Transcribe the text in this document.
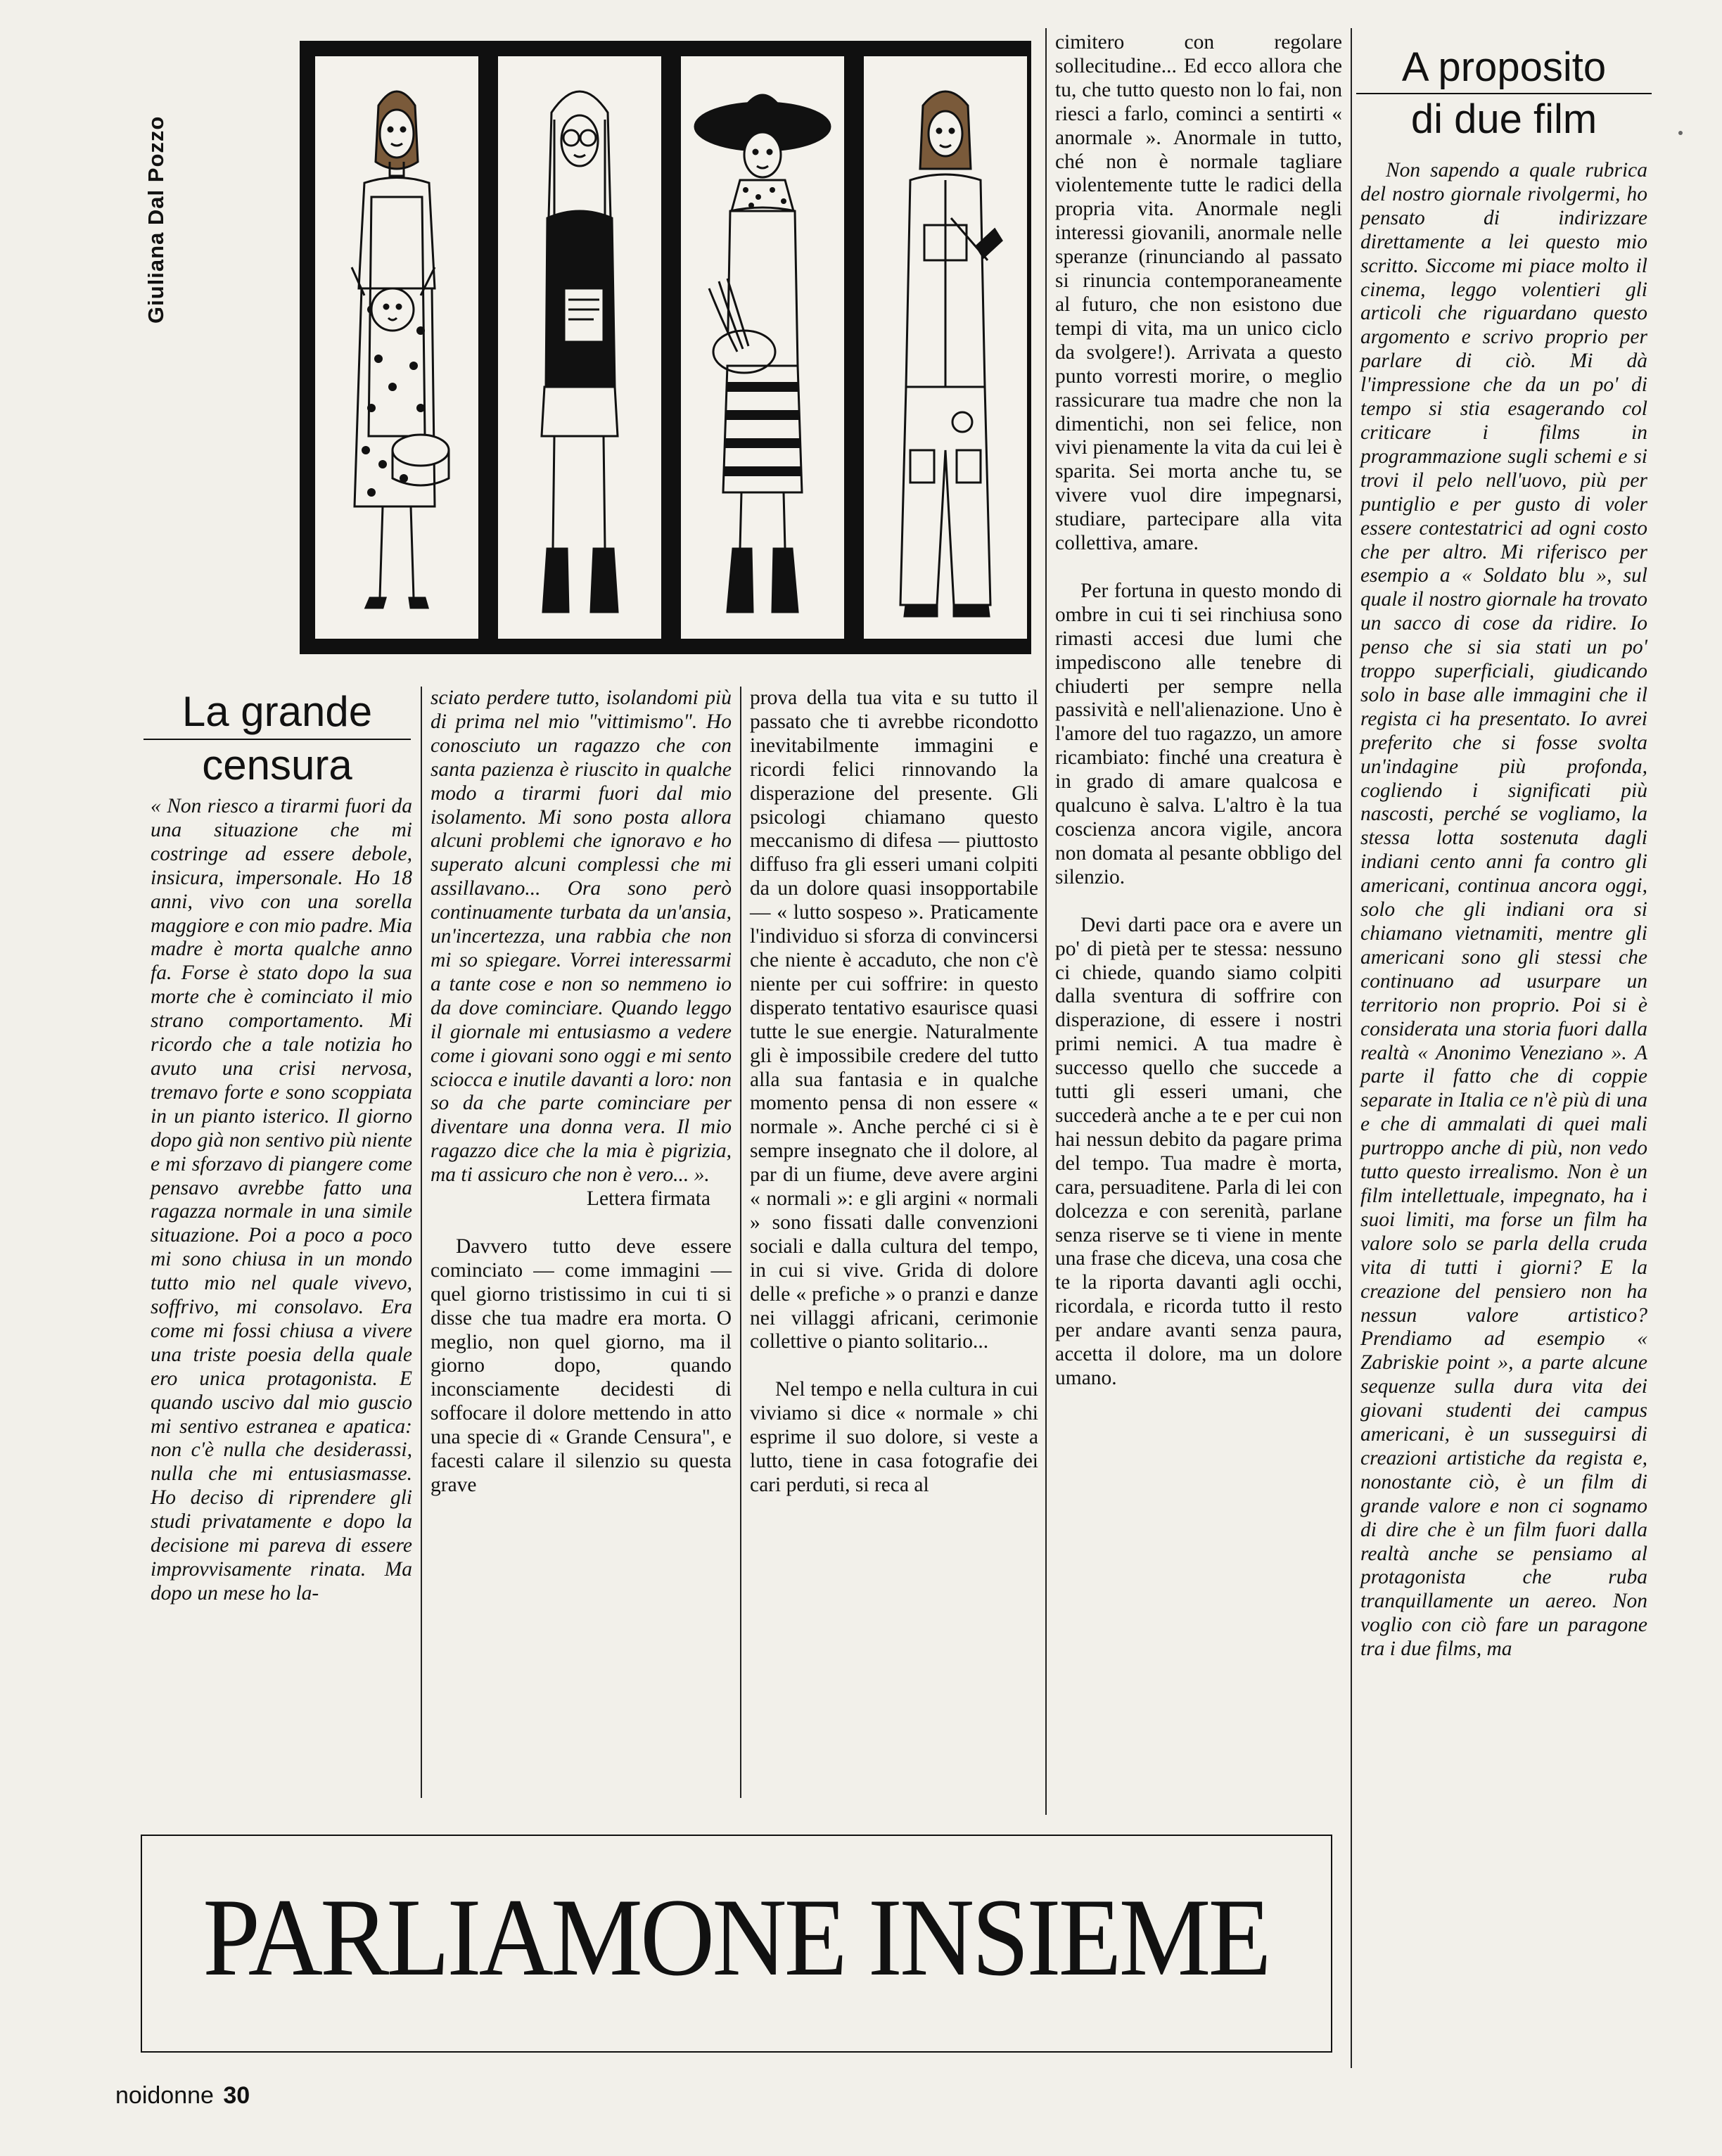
Giuliana Dal Pozzo
La grande
censura
A proposito
di due film

« Non riesco a tirarmi fuori da una situazione che mi costringe ad essere debole, insicura, impersonale. Ho 18 anni, vivo con una sorella maggiore e con mio padre. Mia madre è morta qualche anno fa. Forse è stato dopo la sua morte che è cominciato il mio strano comportamento. Mi ricordo che a tale notizia ho avuto una crisi nervosa, tremavo forte e sono scoppiata in un pianto isterico. Il giorno dopo già non sentivo più niente e mi sforzavo di piangere come pensavo avrebbe fatto una ragazza normale in una simile situazione. Poi a poco a poco mi sono chiusa in un mondo tutto mio nel quale vivevo, soffrivo, mi consolavo. Era come mi fossi chiusa a vivere una triste poesia della quale ero unica protagonista. E quando uscivo dal mio guscio mi sentivo estranea e apatica: non c'è nulla che desiderassi, nulla che mi entusiasmasse. Ho deciso di riprendere gli studi privatamente e dopo la decisione mi pareva di essere improvvisamente rinata. Ma dopo un mese ho la-

sciato perdere tutto, isolandomi più di prima nel mio "vittimismo". Ho conosciuto un ragazzo che con santa pazienza è riuscito in qualche modo a tirarmi fuori dal mio isolamento. Mi sono posta allora alcuni problemi che ignoravo e ho superato alcuni complessi che mi assillavano... Ora sono però continuamente turbata da un'ansia, un'incertezza, una rabbia che non mi so spiegare. Vorrei interessarmi a tante cose e non so nemmeno io da dove cominciare. Quando leggo il giornale mi entusiasmo a vedere come i giovani sono oggi e mi sento sciocca e inutile davanti a loro: non so da che parte cominciare per diventare una donna vera. Il mio ragazzo dice che la mia è pigrizia, ma ti assicuro che non è vero... ».

Lettera firmata

Davvero tutto deve essere cominciato — come immagini — quel giorno tristissimo in cui ti si disse che tua madre era morta. O meglio, non quel giorno, ma il giorno dopo, quando inconsciamente decidesti di soffocare il dolore mettendo in atto una specie di « Grande Censura", e facesti calare il silenzio su questa grave

prova della tua vita e su tutto il passato che ti avrebbe ricondotto inevitabilmente immagini e ricordi felici rinnovando la disperazione del presente. Gli psicologi chiamano questo meccanismo di difesa — piuttosto diffuso fra gli esseri umani colpiti da un dolore quasi insopportabile — « lutto sospeso ». Praticamente l'individuo si sforza di convincersi che niente è accaduto, che non c'è niente per cui soffrire: in questo disperato tentativo esaurisce quasi tutte le sue energie. Naturalmente gli è impossibile credere del tutto alla sua fantasia e in qualche momento pensa di non essere « normale ». Anche perché ci si è sempre insegnato che il dolore, al par di un fiume, deve avere argini « normali »: e gli argini « normali » sono fissati dalle convenzioni sociali e dalla cultura del tempo, in cui si vive. Grida di dolore delle « prefiche » o pranzi e danze nei villaggi africani, cerimonie collettive o pianto solitario...

Nel tempo e nella cultura in cui viviamo si dice « normale » chi esprime il suo dolore, si veste a lutto, tiene in casa fotografie dei cari perduti, si reca al

cimitero con regolare sollecitudine... Ed ecco allora che tu, che tutto questo non lo fai, non riesci a farlo, cominci a sentirti « anormale ». Anormale in tutto, ché non è normale tagliare violentemente tutte le radici della propria vita. Anormale negli interessi giovanili, anormale nelle speranze (rinunciando al passato si rinuncia contemporaneamente al futuro, che non esistono due tempi di vita, ma un unico ciclo da svolgere!). Arrivata a questo punto vorresti morire, o meglio rassicurare tua madre che non la dimentichi, non sei felice, non vivi pienamente la vita da cui lei è sparita. Sei morta anche tu, se vivere vuol dire impegnarsi, studiare, partecipare alla vita collettiva, amare.

Per fortuna in questo mondo di ombre in cui ti sei rinchiusa sono rimasti accesi due lumi che impediscono alle tenebre di chiuderti per sempre nella passività e nell'alienazione. Uno è l'amore del tuo ragazzo, un amore ricambiato: finché una creatura è in grado di amare qualcosa e qualcuno è salva. L'altro è la tua coscienza ancora vigile, ancora non domata al pesante obbligo del silenzio.

Devi darti pace ora e avere un po' di pietà per te stessa: nessuno ci chiede, quando siamo colpiti dalla sventura di soffrire con disperazione, di essere i nostri primi nemici. A tua madre è successo quello che succede a tutti gli esseri umani, che succederà anche a te e per cui non hai nessun debito da pagare prima del tempo. Tua madre è morta, cara, persuaditene. Parla di lei con dolcezza e con serenità, parlane senza riserve se ti viene in mente una frase che diceva, una cosa che te la riporta davanti agli occhi, ricordala, e ricorda tutto il resto per andare avanti senza paura, accetta il dolore, ma un dolore umano.

Non sapendo a quale rubrica del nostro giornale rivolgermi, ho pensato di indirizzare direttamente a lei questo mio scritto. Siccome mi piace molto il cinema, leggo volentieri gli articoli che riguardano questo argomento e scrivo proprio per parlare di ciò. Mi dà l'impressione che da un po' di tempo si stia esagerando col criticare i films in programmazione sugli schemi e si trovi il pelo nell'uovo, più per puntiglio e per gusto di voler essere contestatrici ad ogni costo che per altro. Mi riferisco per esempio a « Soldato blu », sul quale il nostro giornale ha trovato un sacco di cose da ridire. Io penso che si sia stati un po' troppo superficiali, giudicando solo in base alle immagini che il regista ci ha presentato. Io avrei preferito che si fosse svolta un'indagine più profonda, cogliendo i significati più nascosti, perché se vogliamo, la stessa lotta sostenuta dagli indiani cento anni fa contro gli americani, continua ancora oggi, solo che gli indiani ora si chiamano vietnamiti, mentre gli americani sono gli stessi che continuano ad usurpare un territorio non proprio. Poi si è considerata una storia fuori dalla realtà « Anonimo Veneziano ». A parte il fatto che di coppie separate in Italia ce n'è più di una e che di ammalati di quei mali purtroppo anche di più, non vedo tutto questo irrealismo. Non è un film intellettuale, impegnato, ha i suoi limiti, ma forse un film ha valore solo se parla della cruda vita di tutti i giorni? E la creazione del pensiero non ha nessun valore artistico? Prendiamo ad esempio « Zabriskie point », a parte alcune sequenze sulla dura vita dei giovani studenti dei campus americani, è un susseguirsi di creazioni artistiche da regista e, nonostante ciò, è un film di grande valore e non ci sognamo di dire che è un film fuori dalla realtà anche se pensiamo al protagonista che ruba tranquillamente un aereo. Non voglio con ciò fare un paragone tra i due films, ma

PARLIAMONE INSIEME
noidonne 30
